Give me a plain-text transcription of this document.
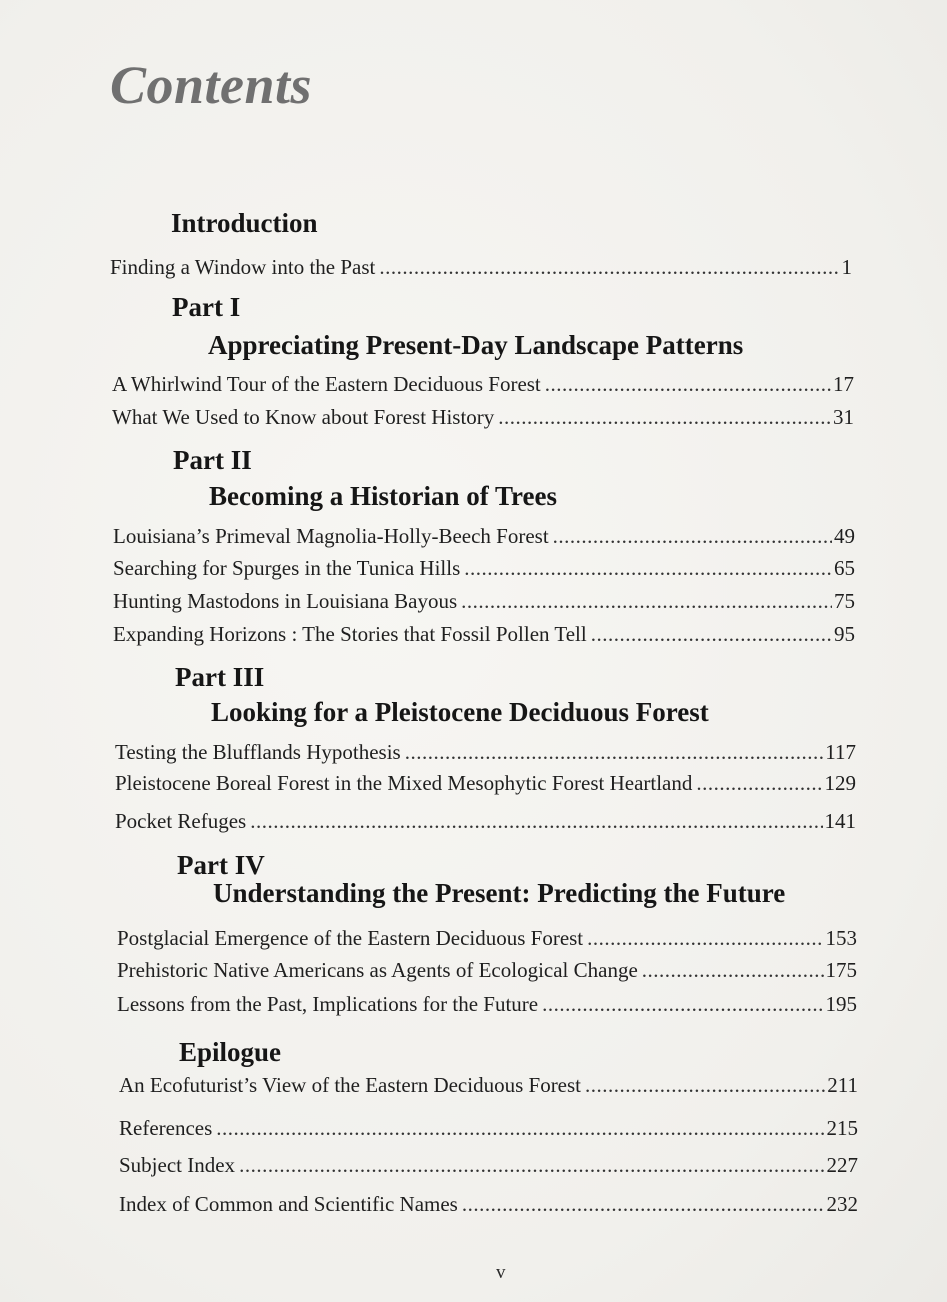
Contents
Introduction
Finding a Window into the Past .....	1
Part I
Appreciating Present-Day Landscape Patterns
A Whirlwind Tour of the Eastern Deciduous Forest .....	17
What We Used to Know about Forest History .....	31
Part II
Becoming a Historian of Trees
Louisiana’s Primeval Magnolia-Holly-Beech Forest .....	49
Searching for Spurges in the Tunica Hills .....	65
Hunting Mastodons in Louisiana Bayous .....	75
Expanding Horizons : The Stories that Fossil Pollen Tell .....	95
Part III
Looking for a Pleistocene Deciduous Forest
Testing the Blufflands Hypothesis .....	117
Pleistocene Boreal Forest in the Mixed Mesophytic Forest Heartland .....	129
Pocket Refuges .....	141
Part IV
Understanding the Present: Predicting the Future
Postglacial Emergence of the Eastern Deciduous Forest .....	153
Prehistoric Native Americans as Agents of Ecological Change .....	175
Lessons from the Past, Implications for the Future .....	195
Epilogue
An Ecofuturist’s View of the Eastern Deciduous Forest .....	211
References .....	215
Subject Index .....	227
Index of Common and Scientific Names .....	232
v
